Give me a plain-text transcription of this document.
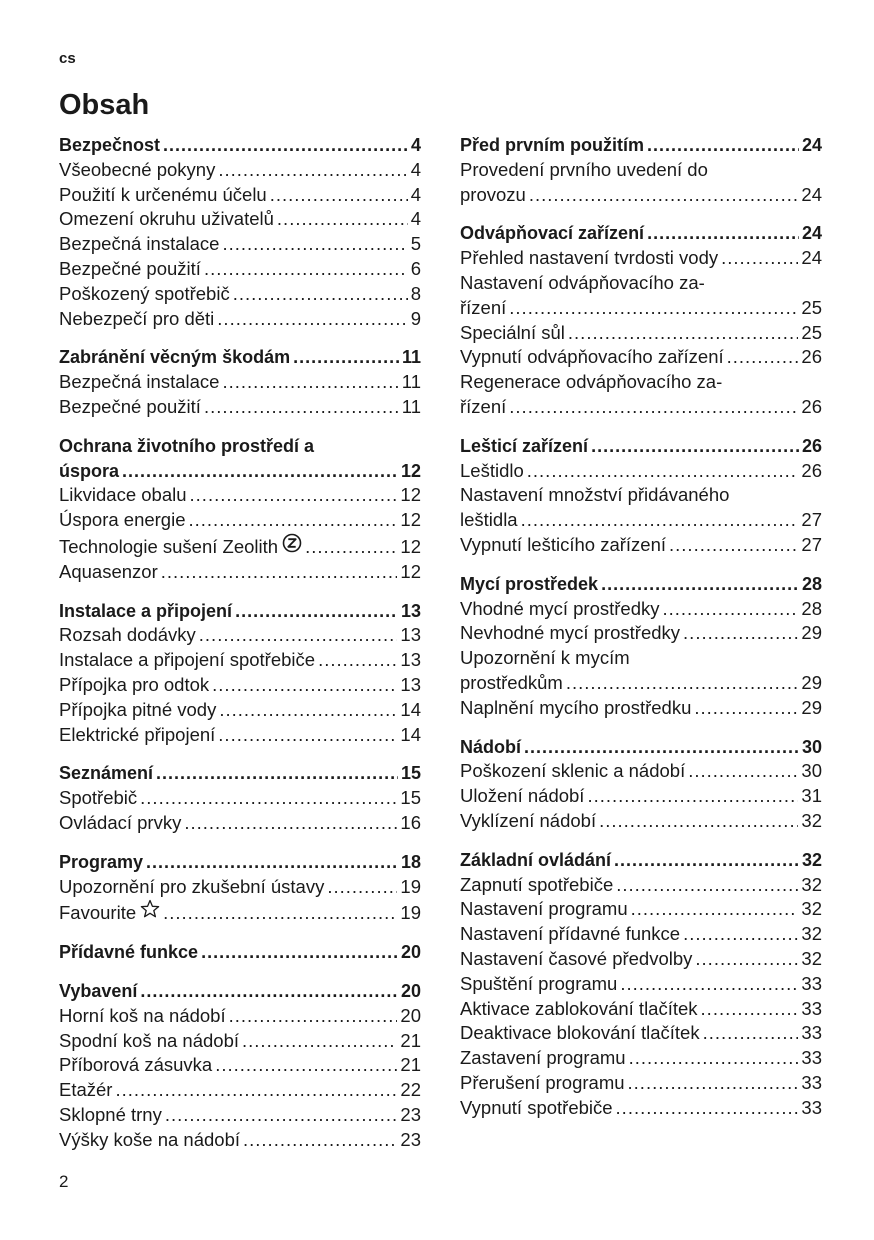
cs
Obsah
Bezpečnost .....	4
Všeobecné pokyny .....	4
Použití k určenému účelu .....	4
Omezení okruhu uživatelů .....	4
Bezpečná instalace .....	5
Bezpečné použití .....	6
Poškozený spotřebič .....	8
Nebezpečí pro děti .....	9
Zabránění věcným škodám .....	11
Bezpečná instalace .....	11
Bezpečné použití .....	11
Ochrana životního prostředí a
úspora .....	12
Likvidace obalu .....	12
Úspora energie .....	12
Technologie sušení Zeolith .....	12
Aquasenzor .....	12
Instalace a připojení .....	13
Rozsah dodávky .....	13
Instalace a připojení spotřebiče .....	13
Přípojka pro odtok .....	13
Přípojka pitné vody .....	14
Elektrické připojení .....	14
Seznámení .....	15
Spotřebič .....	15
Ovládací prvky .....	16
Programy .....	18
Upozornění pro zkušební ústavy .....	19
Favourite .....	19
Přídavné funkce .....	20
Vybavení .....	20
Horní koš na nádobí .....	20
Spodní koš na nádobí .....	21
Příborová zásuvka .....	21
Etažér .....	22
Sklopné trny .....	23
Výšky koše na nádobí .....	23
Před prvním použitím .....	24
Provedení prvního uvedení do
provozu .....	24
Odvápňovací zařízení .....	24
Přehled nastavení tvrdosti vody .....	24
Nastavení odvápňovacího za-
řízení .....	25
Speciální sůl .....	25
Vypnutí odvápňovacího zařízení .....	26
Regenerace odvápňovacího za-
řízení .....	26
Lešticí zařízení .....	26
Leštidlo .....	26
Nastavení množství přidávaného
leštidla .....	27
Vypnutí lešticího zařízení .....	27
Mycí prostředek .....	28
Vhodné mycí prostředky .....	28
Nevhodné mycí prostředky .....	29
Upozornění k mycím
prostředkům .....	29
Naplnění mycího prostředku .....	29
Nádobí .....	30
Poškození sklenic a nádobí .....	30
Uložení nádobí .....	31
Vyklízení nádobí .....	32
Základní ovládání .....	32
Zapnutí spotřebiče .....	32
Nastavení programu .....	32
Nastavení přídavné funkce .....	32
Nastavení časové předvolby .....	32
Spuštění programu .....	33
Aktivace zablokování tlačítek .....	33
Deaktivace blokování tlačítek .....	33
Zastavení programu .....	33
Přerušení programu .....	33
Vypnutí spotřebiče .....	33
2
